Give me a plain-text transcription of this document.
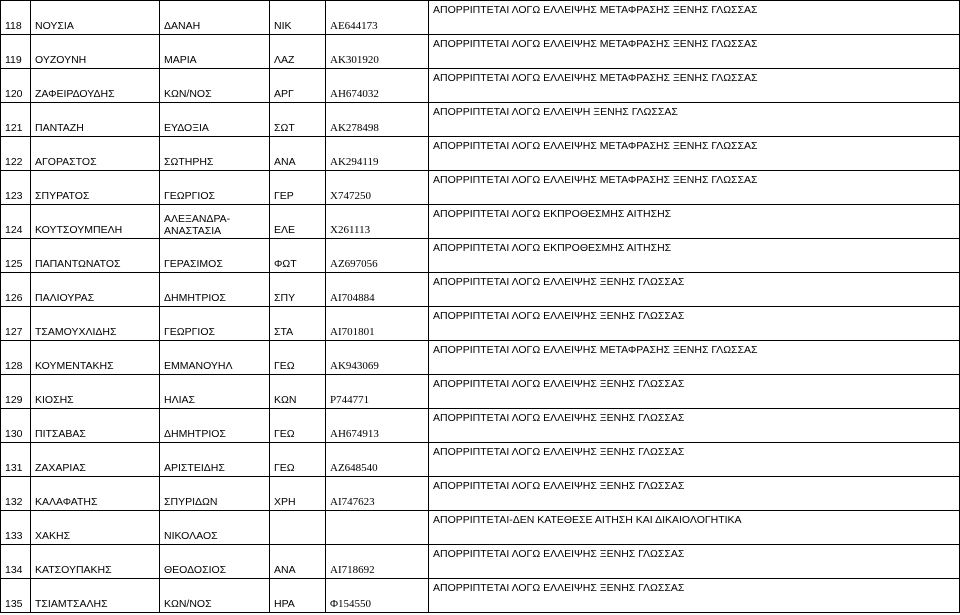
118	ΝΟΥΣΙΑ	ΔΑΝΑΗ	ΝΙΚ	ΑΕ644173	ΑΠΟΡΡΙΠΤΕΤΑΙ ΛΟΓΩ ΕΛΛΕΙΨΗΣ ΜΕΤΑΦΡΑΣΗΣ ΞΕΝΗΣ ΓΛΩΣΣΑΣ
119	ΟΥΖΟΥΝΗ	ΜΑΡΙΑ	ΛΑΖ	ΑΚ301920	ΑΠΟΡΡΙΠΤΕΤΑΙ ΛΟΓΩ ΕΛΛΕΙΨΗΣ ΜΕΤΑΦΡΑΣΗΣ ΞΕΝΗΣ ΓΛΩΣΣΑΣ
120	ΖΑΦΕΙΡΔΟΥΔΗΣ	ΚΩΝ/ΝΟΣ	ΑΡΓ	ΑΗ674032	ΑΠΟΡΡΙΠΤΕΤΑΙ ΛΟΓΩ ΕΛΛΕΙΨΗΣ ΜΕΤΑΦΡΑΣΗΣ ΞΕΝΗΣ ΓΛΩΣΣΑΣ
121	ΠΑΝΤΑΖΗ	ΕΥΔΟΞΙΑ	ΣΩΤ	ΑΚ278498	ΑΠΟΡΡΙΠΤΕΤΑΙ ΛΟΓΩ ΕΛΛΕΙΨΗ ΞΕΝΗΣ ΓΛΩΣΣΑΣ
122	ΑΓΟΡΑΣΤΟΣ	ΣΩΤΗΡΗΣ	ΑΝΑ	ΑΚ294119	ΑΠΟΡΡΙΠΤΕΤΑΙ ΛΟΓΩ ΕΛΛΕΙΨΗΣ ΜΕΤΑΦΡΑΣΗΣ ΞΕΝΗΣ ΓΛΩΣΣΑΣ
123	ΣΠΥΡΑΤΟΣ	ΓΕΩΡΓΙΟΣ	ΓΕΡ	Χ747250	ΑΠΟΡΡΙΠΤΕΤΑΙ ΛΟΓΩ ΕΛΛΕΙΨΗΣ ΜΕΤΑΦΡΑΣΗΣ ΞΕΝΗΣ ΓΛΩΣΣΑΣ
124	ΚΟΥΤΣΟΥΜΠΕΛΗ	ΑΛΕΞΑΝΔΡΑ-ΑΝΑΣΤΑΣΙΑ	ΕΛΕ	Χ261113	ΑΠΟΡΡΙΠΤΕΤΑΙ ΛΟΓΩ ΕΚΠΡΟΘΕΣΜΗΣ ΑΙΤΗΣΗΣ
125	ΠΑΠΑΝΤΩΝΑΤΟΣ	ΓΕΡΑΣΙΜΟΣ	ΦΩΤ	ΑΖ697056	ΑΠΟΡΡΙΠΤΕΤΑΙ ΛΟΓΩ ΕΚΠΡΟΘΕΣΜΗΣ ΑΙΤΗΣΗΣ
126	ΠΑΛΙΟΥΡΑΣ	ΔΗΜΗΤΡΙΟΣ	ΣΠΥ	ΑΙ704884	ΑΠΟΡΡΙΠΤΕΤΑΙ ΛΟΓΩ ΕΛΛΕΙΨΗΣ ΞΕΝΗΣ ΓΛΩΣΣΑΣ
127	ΤΣΑΜΟΥΧΛΙΔΗΣ	ΓΕΩΡΓΙΟΣ	ΣΤΑ	ΑΙ701801	ΑΠΟΡΡΙΠΤΕΤΑΙ ΛΟΓΩ ΕΛΛΕΙΨΗΣ ΞΕΝΗΣ ΓΛΩΣΣΑΣ
128	ΚΟΥΜΕΝΤΑΚΗΣ	ΕΜΜΑΝΟΥΗΛ	ΓΕΩ	ΑΚ943069	ΑΠΟΡΡΙΠΤΕΤΑΙ ΛΟΓΩ ΕΛΛΕΙΨΗΣ ΜΕΤΑΦΡΑΣΗΣ ΞΕΝΗΣ ΓΛΩΣΣΑΣ
129	ΚΙΟΣΗΣ	ΗΛΙΑΣ	ΚΩΝ	Ρ744771	ΑΠΟΡΡΙΠΤΕΤΑΙ ΛΟΓΩ ΕΛΛΕΙΨΗΣ ΞΕΝΗΣ ΓΛΩΣΣΑΣ
130	ΠΙΤΣΑΒΑΣ	ΔΗΜΗΤΡΙΟΣ	ΓΕΩ	ΑΗ674913	ΑΠΟΡΡΙΠΤΕΤΑΙ ΛΟΓΩ ΕΛΛΕΙΨΗΣ ΞΕΝΗΣ ΓΛΩΣΣΑΣ
131	ΖΑΧΑΡΙΑΣ	ΑΡΙΣΤΕΙΔΗΣ	ΓΕΩ	ΑΖ648540	ΑΠΟΡΡΙΠΤΕΤΑΙ ΛΟΓΩ ΕΛΛΕΙΨΗΣ ΞΕΝΗΣ ΓΛΩΣΣΑΣ
132	ΚΑΛΑΦΑΤΗΣ	ΣΠΥΡΙΔΩΝ	ΧΡΗ	ΑΙ747623	ΑΠΟΡΡΙΠΤΕΤΑΙ ΛΟΓΩ ΕΛΛΕΙΨΗΣ ΞΕΝΗΣ ΓΛΩΣΣΑΣ
133	ΧΑΚΗΣ	ΝΙΚΟΛΑΟΣ			ΑΠΟΡΡΙΠΤΕΤΑΙ-ΔΕΝ ΚΑΤΕΘΕΣΕ ΑΙΤΗΣΗ ΚΑΙ ΔΙΚΑΙΟΛΟΓΗΤΙΚΑ
134	ΚΑΤΣΟΥΠΑΚΗΣ	ΘΕΟΔΟΣΙΟΣ	ΑΝΑ	ΑΙ718692	ΑΠΟΡΡΙΠΤΕΤΑΙ ΛΟΓΩ ΕΛΛΕΙΨΗΣ ΞΕΝΗΣ ΓΛΩΣΣΑΣ
135	ΤΣΙΑΜΤΣΑΛΗΣ	ΚΩΝ/ΝΟΣ	ΗΡΑ	Φ154550	ΑΠΟΡΡΙΠΤΕΤΑΙ ΛΟΓΩ ΕΛΛΕΙΨΗΣ ΞΕΝΗΣ ΓΛΩΣΣΑΣ
